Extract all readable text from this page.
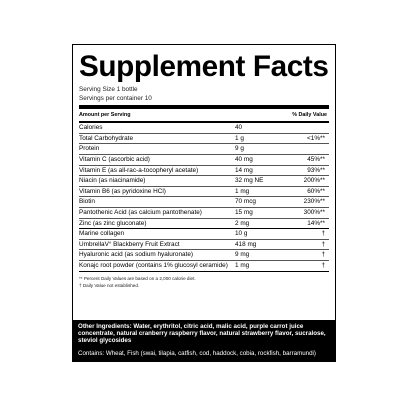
Supplement Facts
Serving Size 1 bottle
Servings per container 10
Amount per Serving	% Daily Value
Calories	40
Total Carbohydrate	1 g	<1%**
Protein	9 g
Vitamin C (ascorbic acid)	40 mg	45%**
Vitamin E (as all-rac-a-tocopheryl acetate)	14 mg	93%**
Niacin (as niacinamide)	32 mg NE	200%**
Vitamin B6 (as pyridoxine HCl)	1 mg	60%**
Biotin	70 mcg	230%**
Pantothenic Acid (as calcium pantothenate)	15 mg	300%**
Zinc (as zinc gluconate)	2 mg	14%**
Marine collagen	10 g	†
UmbrellaV° Blackberry Fruit Extract	418 mg	†
Hyaluronic acid (as sodium hyaluronate)	9 mg	†
Konajc root powder (contains 1% glucosyl ceramide) 1 mg	†
** Percent Daily Values are based on a 2,000 calorie diet.
† Daily Value not established.

Other Ingredients: Water, erythritol, citric acid, malic acid, purple carrot juice concentrate, natural cranberry raspberry flavor, natural strawberry flavor, sucralose, steviol glycosides

Contains: Wheat, Fish (swai, tilapia, catfish, cod, haddock, cobia, rockfish, barramundi)
